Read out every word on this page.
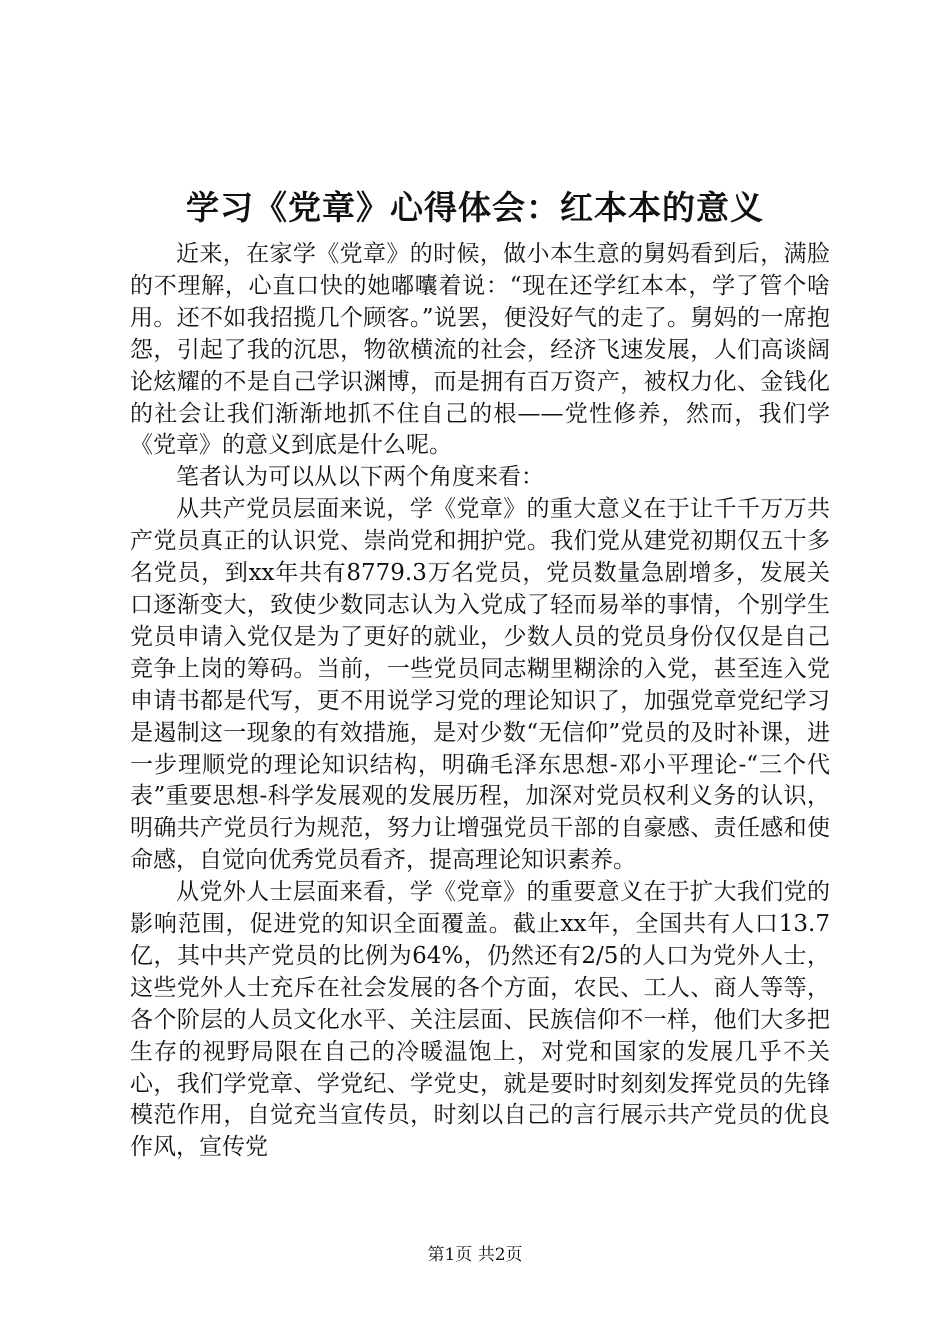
学习《党章》心得体会：红本本的意义

近来，在家学《党章》的时候，做小本生意的舅妈看到后，满脸的不理解，心直口快的她嘟囔着说：“现在还学红本本，学了管个啥用。还不如我招揽几个顾客。”说罢，便没好气的走了。舅妈的一席抱怨，引起了我的沉思，物欲横流的社会，经济飞速发展，人们高谈阔论炫耀的不是自己学识渊博，而是拥有百万资产，被权力化、金钱化的社会让我们渐渐地抓不住自己的根——党性修养，然而，我们学《党章》的意义到底是什么呢。

笔者认为可以从以下两个角度来看：

从共产党员层面来说，学《党章》的重大意义在于让千千万万共产党员真正的认识党、崇尚党和拥护党。我们党从建党初期仅五十多名党员，到xx年共有8779.3万名党员，党员数量急剧增多，发展关口逐渐变大，致使少数同志认为入党成了轻而易举的事情，个别学生党员申请入党仅是为了更好的就业，少数人员的党员身份仅仅是自己竞争上岗的筹码。当前，一些党员同志糊里糊涂的入党，甚至连入党申请书都是代写，更不用说学习党的理论知识了，加强党章党纪学习是遏制这一现象的有效措施，是对少数“无信仰”党员的及时补课，进一步理顺党的理论知识结构，明确毛泽东思想-邓小平理论-“三个代表”重要思想-科学发展观的发展历程，加深对党员权利义务的认识，明确共产党员行为规范，努力让增强党员干部的自豪感、责任感和使命感，自觉向优秀党员看齐，提高理论知识素养。

从党外人士层面来看，学《党章》的重要意义在于扩大我们党的影响范围，促进党的知识全面覆盖。截止xx年，全国共有人口13.7亿，其中共产党员的比例为64%，仍然还有2/5的人口为党外人士，这些党外人士充斥在社会发展的各个方面，农民、工人、商人等等，各个阶层的人员文化水平、关注层面、民族信仰不一样，他们大多把生存的视野局限在自己的冷暖温饱上，对党和国家的发展几乎不关心，我们学党章、学党纪、学党史，就是要时时刻刻发挥党员的先锋模范作用，自觉充当宣传员，时刻以自己的言行展示共产党员的优良作风，宣传党

第1页 共2页
